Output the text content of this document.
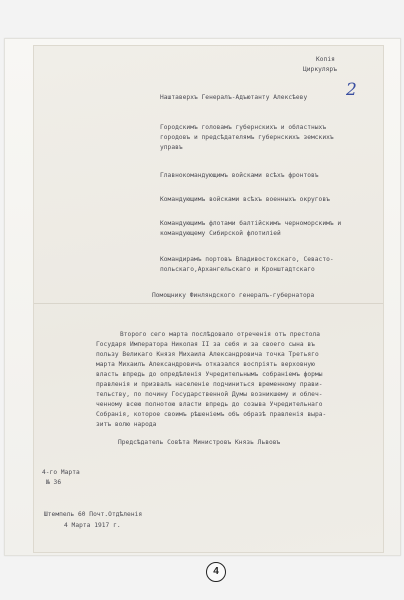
Копія
Циркуляръ
Наштаверхъ Генералъ-Адъютанту Алексѣеву
Городскимъ головамъ губернскихъ и областныхъ
городовъ и предсѣдателямъ губернскихъ земскихъ
управъ
Главнокомандующимъ войсками всѣхъ фронтовъ
Командующимъ войсками всѣхъ военныхъ округовъ
Командующимъ флотами балтійскимъ черноморскимъ и
командующему Сибирской флотиліей
Командирамъ портовъ Владивостокскаго, Севасто-
польскаго,Архангельскаго и Кронштадтскаго
Помощнику Финляндского генералъ-губернатора
Второго сего марта послѣдовало отреченія отъ престола
Государя Императора Николая II за себя и за своего сына въ
пользу Великаго Князя Михаила Александровича точка Третьяго
марта Михаилъ Александровичъ отказался воспріять верховную
власть впредь до опредѣленія Учредительнымъ собраніемъ формы
правленія и призвалъ населеніе подчиниться временному прави-
тельству, по почину Государственной Думы возникшему и облеч-
ченному всею полнотою власти впредь до созыва Учредительнаго
Собранія, которое своимъ рѣшеніемъ объ образѣ правленія выра-
зитъ волю народа
Предсѣдатель Совѣта Министровъ Князь Львовъ
4-го Марта
№ 36
Штемпель 60 Почт.Отдѣленія
4 Марта 1917 г.
2
4
